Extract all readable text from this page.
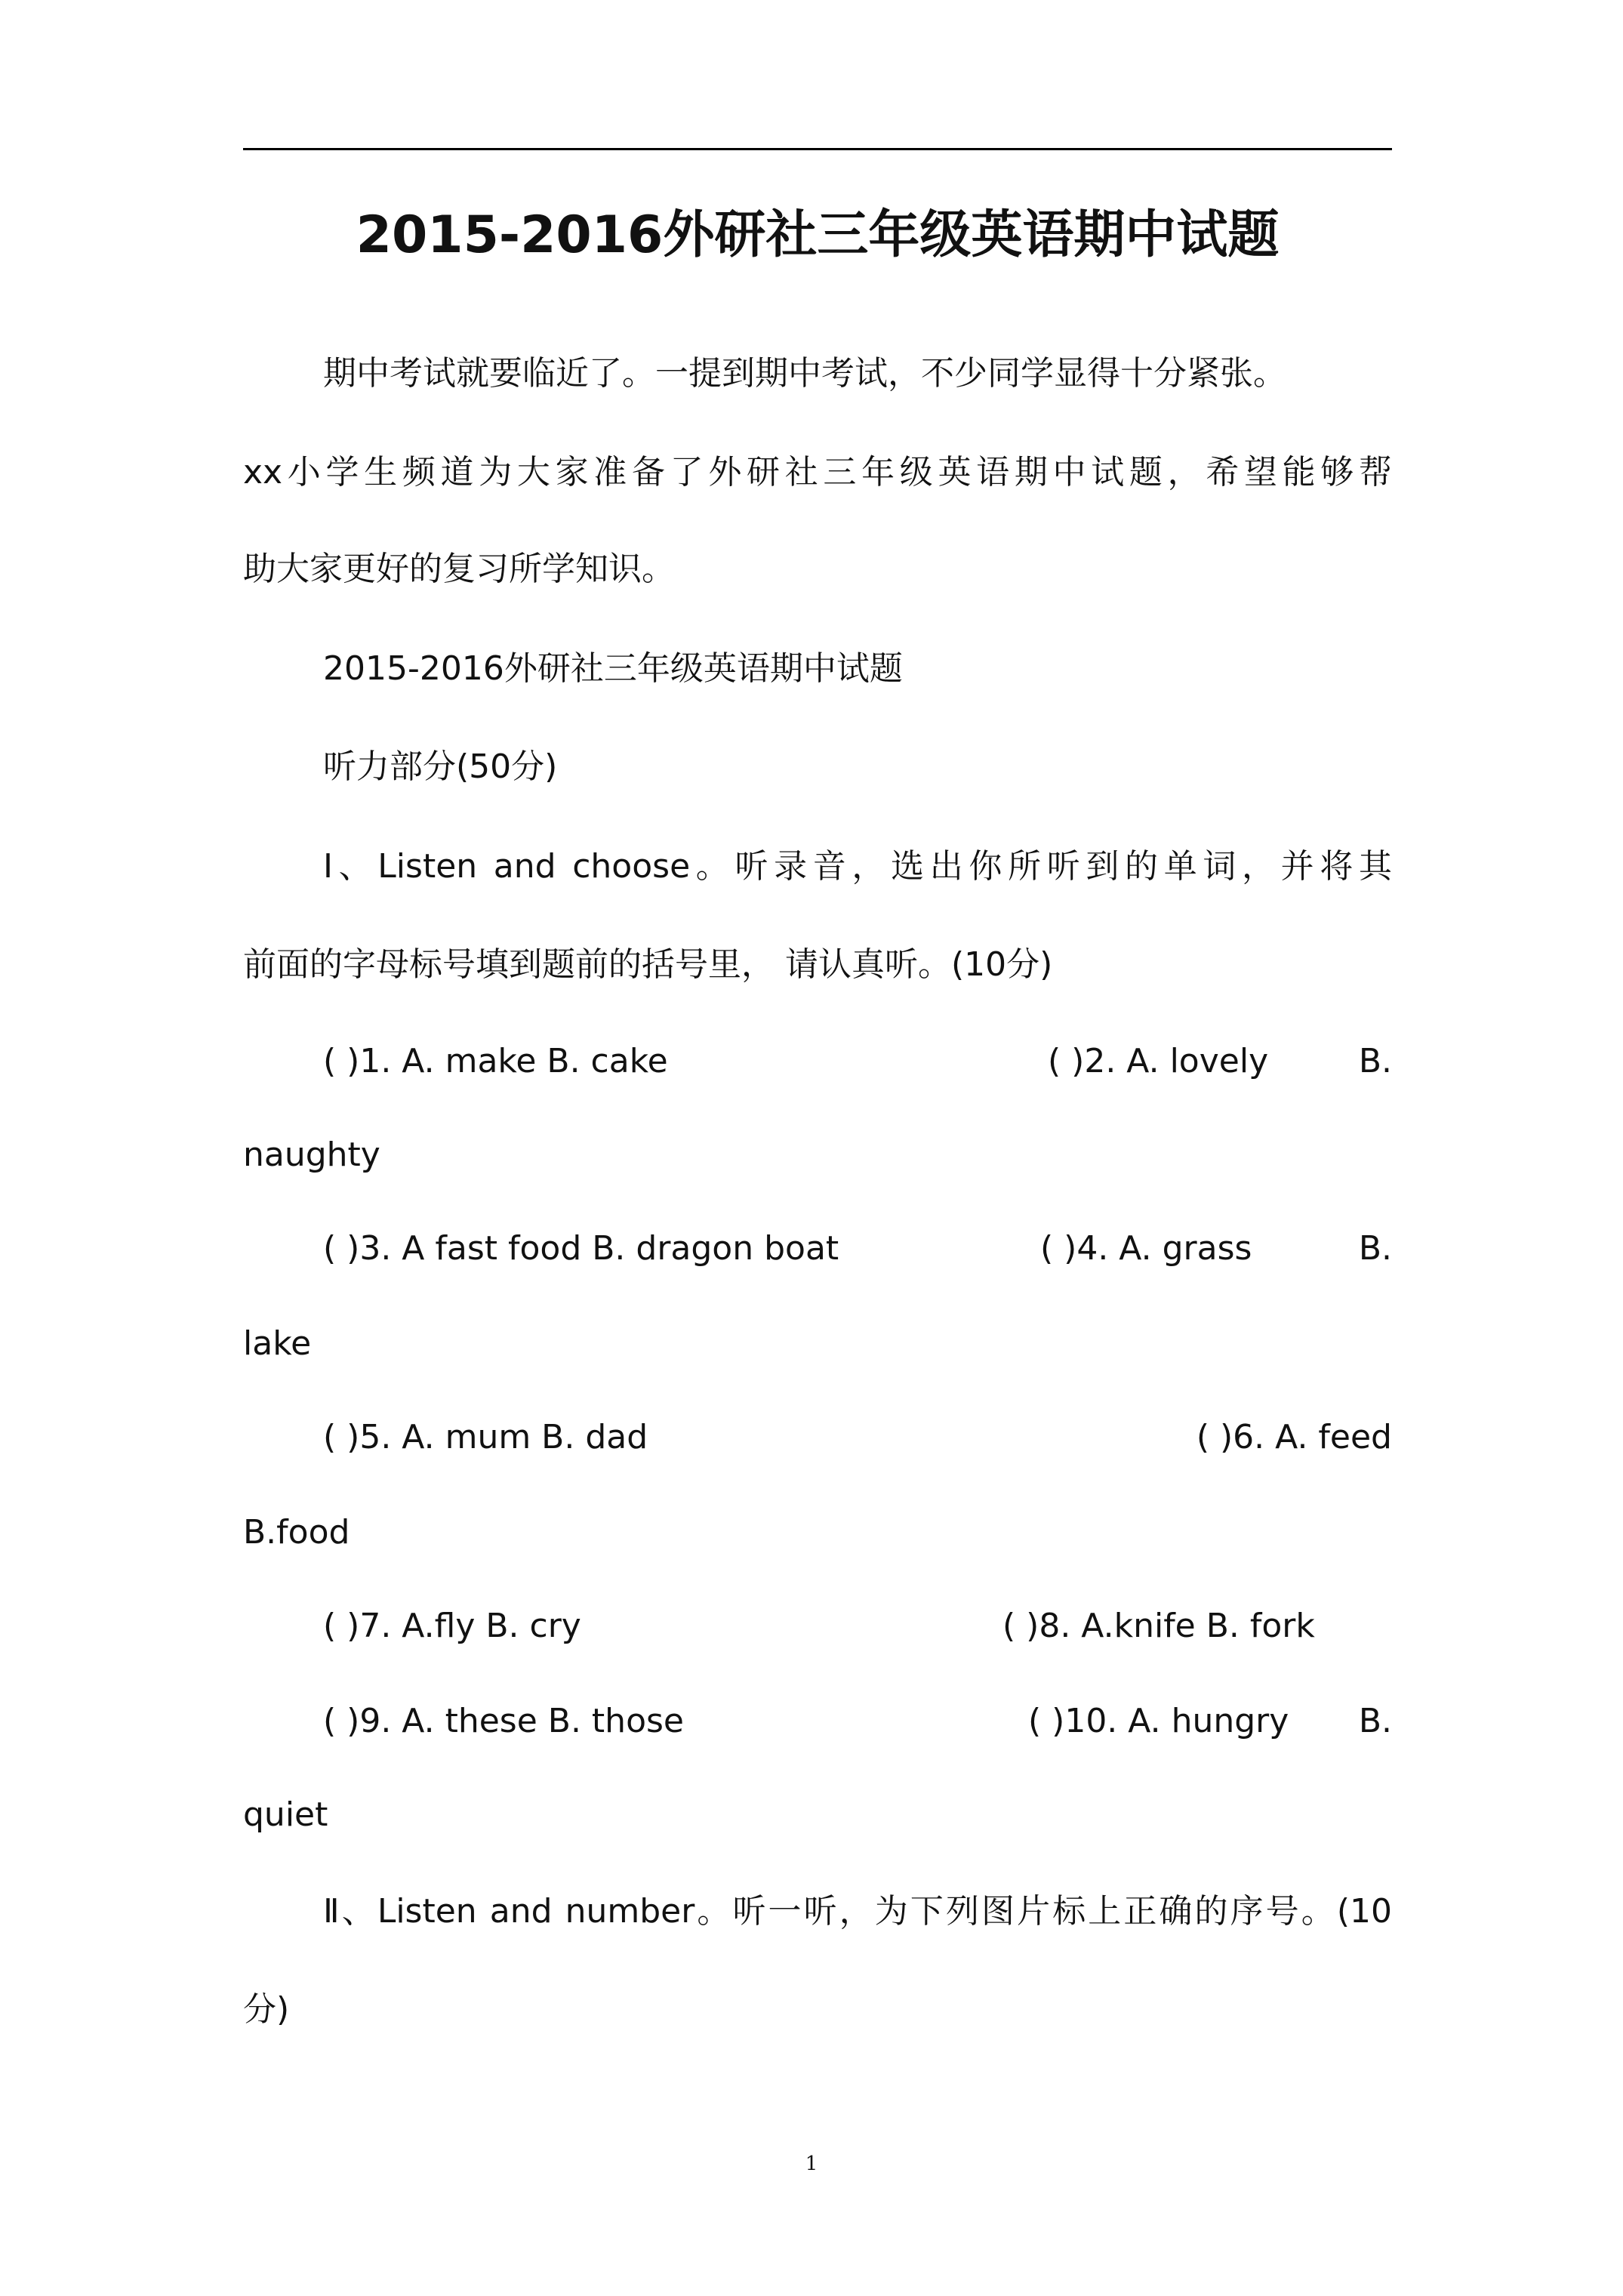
2015-2016外研社三年级英语期中试题
期中考试就要临近了。一提到期中考试，不少同学显得十分紧张。
xx小学生频道为大家准备了外研社三年级英语期中试题，希望能够帮
助大家更好的复习所学知识。
2015-2016外研社三年级英语期中试题
听力部分(50分)
Ⅰ、Listen and choose。听录音，选出你所听到的单词，并将其
前面的字母标号填到题前的括号里， 请认真听。(10分)
( )1. A. make B. cake	( )2. A. lovely	B.
naughty
( )3. A fast food B. dragon boat	( )4. A. grass	B.
lake
( )5. A. mum B. dad	( )6. A. feed
B.food
( )7. A.fly B. cry	( )8. A.knife B. fork
( )9. A. these B. those	( )10. A. hungry	B.
quiet
Ⅱ、Listen and number。听一听，为下列图片标上正确的序号。(10
分)
1
